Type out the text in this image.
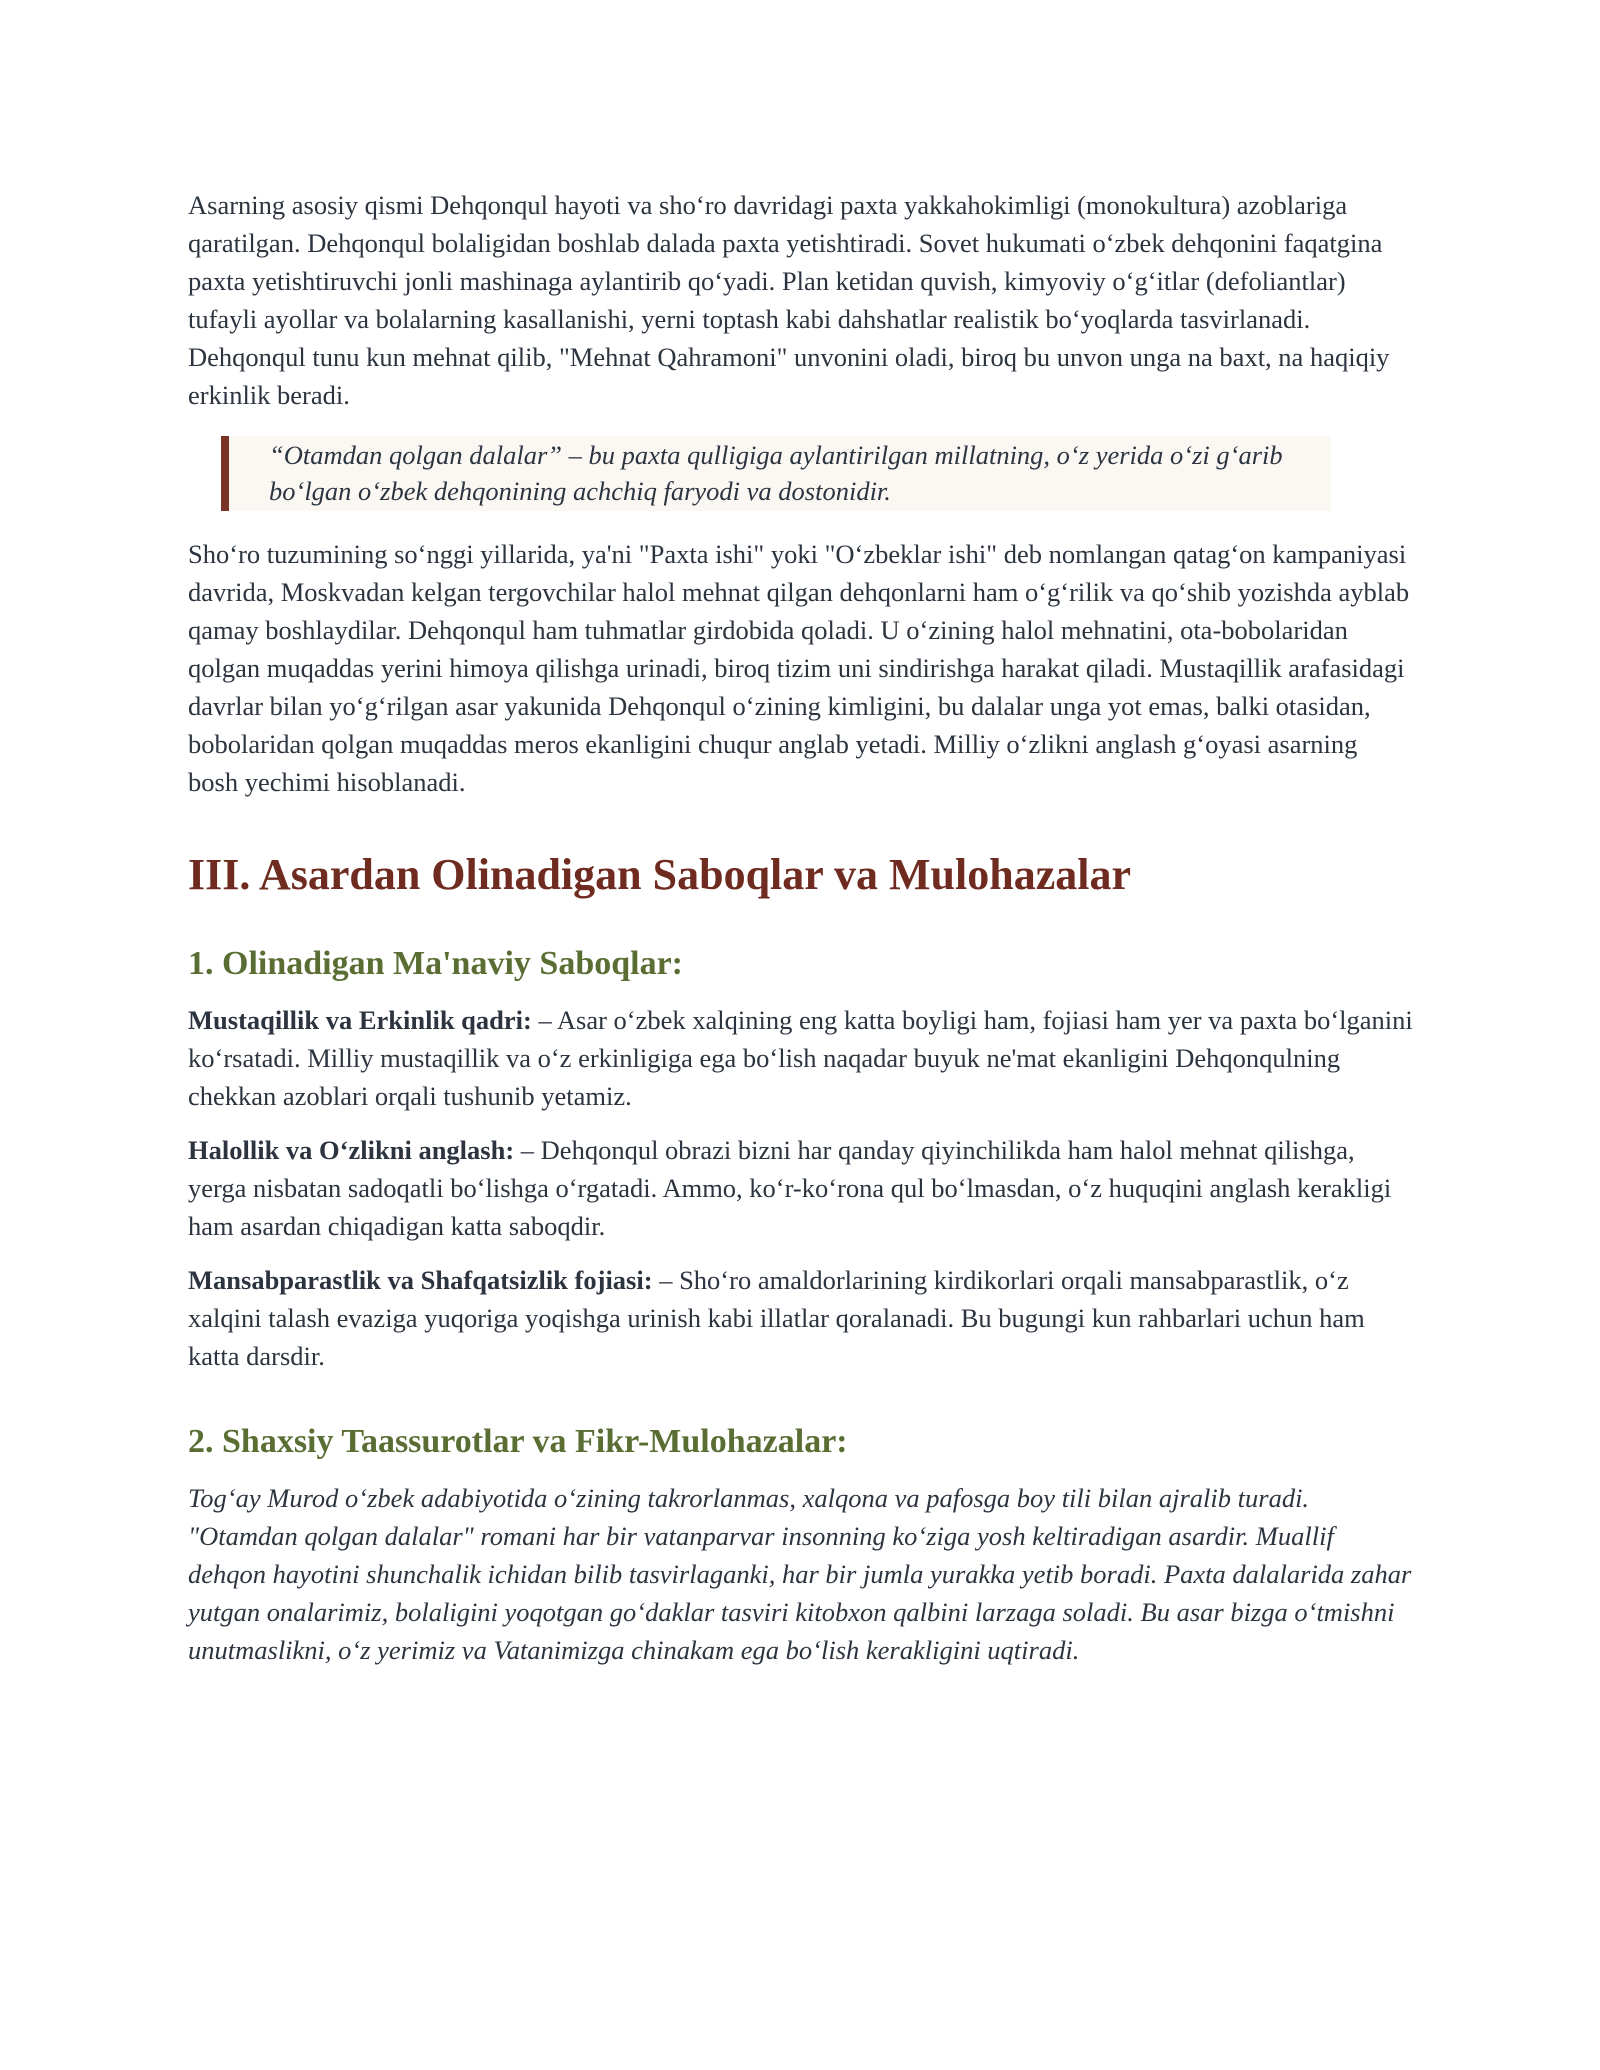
Asarning asosiy qismi Dehqonqul hayoti va sho‘ro davridagi paxta yakkahokimligi (monokultura) azoblariga qaratilgan. Dehqonqul bolaligidan boshlab dalada paxta yetishtiradi. Sovet hukumati o‘zbek dehqonini faqatgina paxta yetishtiruvchi jonli mashinaga aylantirib qo‘yadi. Plan ketidan quvish, kimyoviy o‘g‘itlar (defoliantlar) tufayli ayollar va bolalarning kasallanishi, yerni toptash kabi dahshatlar realistik bo‘yoqlarda tasvirlanadi. Dehqonqul tunu kun mehnat qilib, "Mehnat Qahramoni" unvonini oladi, biroq bu unvon unga na baxt, na haqiqiy erkinlik beradi.

“Otamdan qolgan dalalar” – bu paxta qulligiga aylantirilgan millatning, o‘z yerida o‘zi g‘arib bo‘lgan o‘zbek dehqonining achchiq faryodi va dostonidir.

Sho‘ro tuzumining so‘nggi yillarida, ya'ni "Paxta ishi" yoki "O‘zbeklar ishi" deb nomlangan qatag‘on kampaniyasi davrida, Moskvadan kelgan tergovchilar halol mehnat qilgan dehqonlarni ham o‘g‘rilik va qo‘shib yozishda ayblab qamay boshlaydilar. Dehqonqul ham tuhmatlar girdobida qoladi. U o‘zining halol mehnatini, ota-bobolaridan qolgan muqaddas yerini himoya qilishga urinadi, biroq tizim uni sindirishga harakat qiladi. Mustaqillik arafasidagi davrlar bilan yo‘g‘rilgan asar yakunida Dehqonqul o‘zining kimligini, bu dalalar unga yot emas, balki otasidan, bobolaridan qolgan muqaddas meros ekanligini chuqur anglab yetadi. Milliy o‘zlikni anglash g‘oyasi asarning bosh yechimi hisoblanadi.

III. Asardan Olinadigan Saboqlar va Mulohazalar
1. Olinadigan Ma'naviy Saboqlar:

Mustaqillik va Erkinlik qadri: – Asar o‘zbek xalqining eng katta boyligi ham, fojiasi ham yer va paxta bo‘lganini ko‘rsatadi. Milliy mustaqillik va o‘z erkinligiga ega bo‘lish naqadar buyuk ne'mat ekanligini Dehqonqulning chekkan azoblari orqali tushunib yetamiz.

Halollik va O‘zlikni anglash: – Dehqonqul obrazi bizni har qanday qiyinchilikda ham halol mehnat qilishga, yerga nisbatan sadoqatli bo‘lishga o‘rgatadi. Ammo, ko‘r-ko‘rona qul bo‘lmasdan, o‘z huquqini anglash kerakligi ham asardan chiqadigan katta saboqdir.

Mansabparastlik va Shafqatsizlik fojiasi: – Sho‘ro amaldorlarining kirdikorlari orqali mansabparastlik, o‘z xalqini talash evaziga yuqoriga yoqishga urinish kabi illatlar qoralanadi. Bu bugungi kun rahbarlari uchun ham katta darsdir.

2. Shaxsiy Taassurotlar va Fikr-Mulohazalar:

Tog‘ay Murod o‘zbek adabiyotida o‘zining takrorlanmas, xalqona va pafosga boy tili bilan ajralib turadi. "Otamdan qolgan dalalar" romani har bir vatanparvar insonning ko‘ziga yosh keltiradigan asardir. Muallif dehqon hayotini shunchalik ichidan bilib tasvirlaganki, har bir jumla yurakka yetib boradi. Paxta dalalarida zahar yutgan onalarimiz, bolaligini yoqotgan go‘daklar tasviri kitobxon qalbini larzaga soladi. Bu asar bizga o‘tmishni unutmaslikni, o‘z yerimiz va Vatanimizga chinakam ega bo‘lish kerakligini uqtiradi.
